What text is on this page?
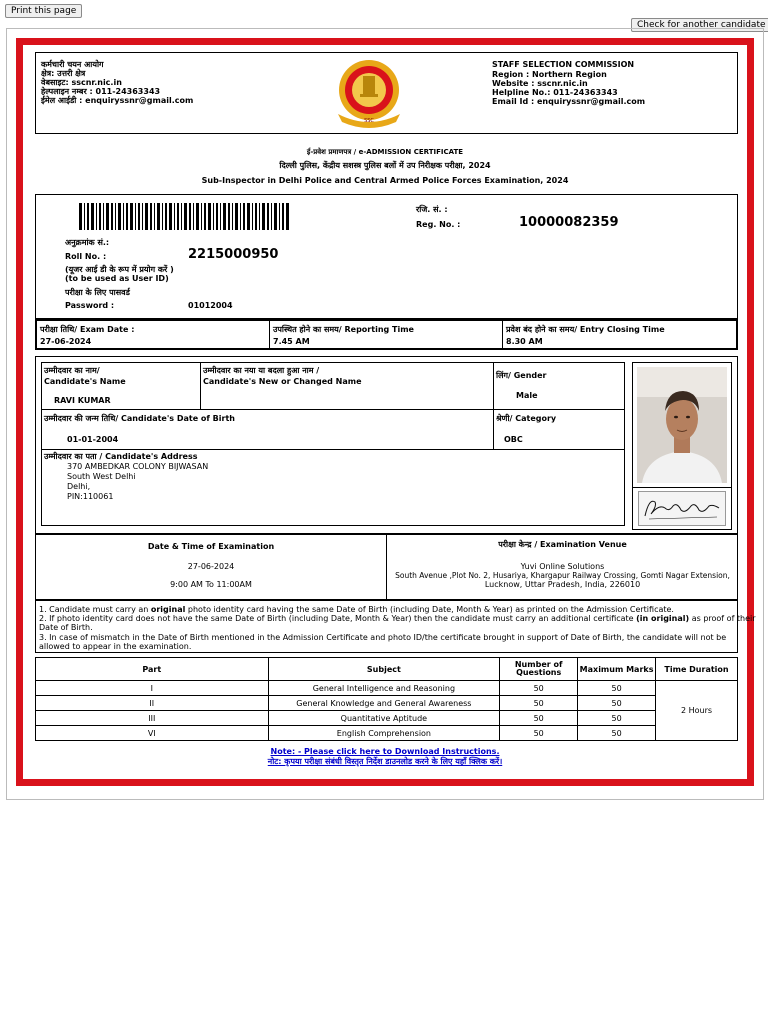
Print this page
Check for another candidate
कर्मचारी चयन आयोग
क्षेत्र: उत्तरी क्षेत्र
वेबसाइट: sscnr.nic.in
हेल्पलाइन नम्बर : 011-24363343
ईमेल आईडी : enquiryssnr@gmail.com
SSC
STAFF SELECTION COMMISSION
Region : Northern Region
Website : sscnr.nic.in
Helpline No.: 011-24363343
Email Id : enquiryssnr@gmail.com
ई-प्रवेश प्रमाणपत्र / e-ADMISSION CERTIFICATE
दिल्ली पुलिस, केंद्रीय सशस्त्र पुलिस बलों में उप निरीक्षक परीक्षा, 2024
Sub-Inspector in Delhi Police and Central Armed Police Forces Examination, 2024
रजि. सं. :
Reg. No. :	10000082359
अनुक्रमांक सं.:
Roll No. :	2215000950
(यूजर आई डी के रूप में प्रयोग करें )
(to be used as User ID)
परीक्षा के लिए पासवर्ड
Password :	01012004
परीक्षा तिथि/ Exam Date :
27-06-2024
उपस्थित होने का समय/ Reporting Time
7.45 AM
प्रवेश बंद होने का समय/ Entry Closing Time
8.30 AM
उम्मीदवार का नाम/
Candidate's Name
RAVI KUMAR
उम्मीदवार का नया या बदला हुआ नाम /
Candidate's New or Changed Name
लिंग/ Gender
Male
उम्मीदवार की जन्म तिथि/ Candidate's Date of Birth
01-01-2004
श्रेणी/ Category
OBC
उम्मीदवार का पता / Candidate's Address
370 AMBEDKAR COLONY BIJWASAN
South West Delhi
Delhi,
PIN:110061
Date & Time of Examination
27-06-2024
9:00 AM To 11:00AM
परीक्षा केन्द्र / Examination Venue
Yuvi Online Solutions
South Avenue ,Plot No. 2, Husariya, Khargapur Railway Crossing, Gomti Nagar Extension,
Lucknow, Uttar Pradesh, India, 226010
1. Candidate must carry an original photo identity card having the same Date of Birth (including Date, Month & Year) as printed on the Admission Certificate.
2. If photo identity card does not have the same Date of Birth (including Date, Month & Year) then the candidate must carry an additional certificate (in original) as proof of their
Date of Birth.
3. In case of mismatch in the Date of Birth mentioned in the Admission Certificate and photo ID/the certificate brought in support of Date of Birth, the candidate will not be
allowed to appear in the examination.
Part	Subject	Number of Questions	Maximum Marks	Time Duration
I	General Intelligence and Reasoning	50	50	2 Hours
II	General Knowledge and General Awareness	50	50	
III	Quantitative Aptitude	50	50	
VI	English Comprehension	50	50	
Note: - Please click here to Download Instructions.
नोट: कृपया परीक्षा संबंधी विस्तृत निर्देश डाउनलोड करने के लिए यहाँ क्लिक करें।
